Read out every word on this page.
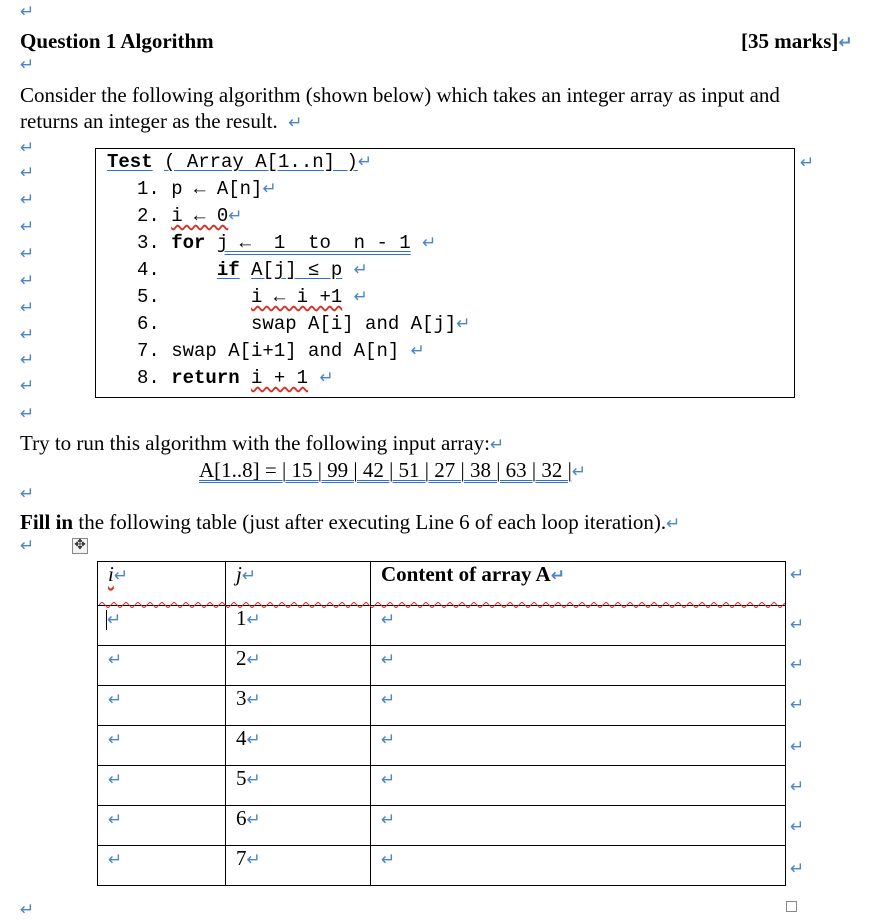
↵
↵
↵
↵
↵
↵
↵
↵
↵
↵
↵
↵
↵
↵
↵
↵
Question 1 Algorithm	[35 marks]↵
Consider the following algorithm (shown below) which takes an integer array as input and
returns an integer as the result. ↵
Test ( Array A[1..n] )↵
1. p ← A[n]↵
2. i ← 0↵
3. for j ←  1  to  n - 1 ↵
4.	if A[j] ≤ p ↵
5.	i ← i +1 ↵
6.	swap A[i] and A[j]↵
7. swap A[i+1] and A[n] ↵
8. return i + 1 ↵
↵
Try to run this algorithm with the following input array:↵
A[1..8] = | 15 | 99 | 42 | 51 | 27 | 38 | 63 | 32 |↵
Fill in the following table (just after executing Line 6 of each loop iteration).↵
✥
i↵	j↵	Content of array A↵
↵	1↵	↵
↵	2↵	↵
↵	3↵	↵
↵	4↵	↵
↵	5↵	↵
↵	6↵	↵
↵	7↵	↵
↵
↵
↵
↵
↵
↵
↵
↵
